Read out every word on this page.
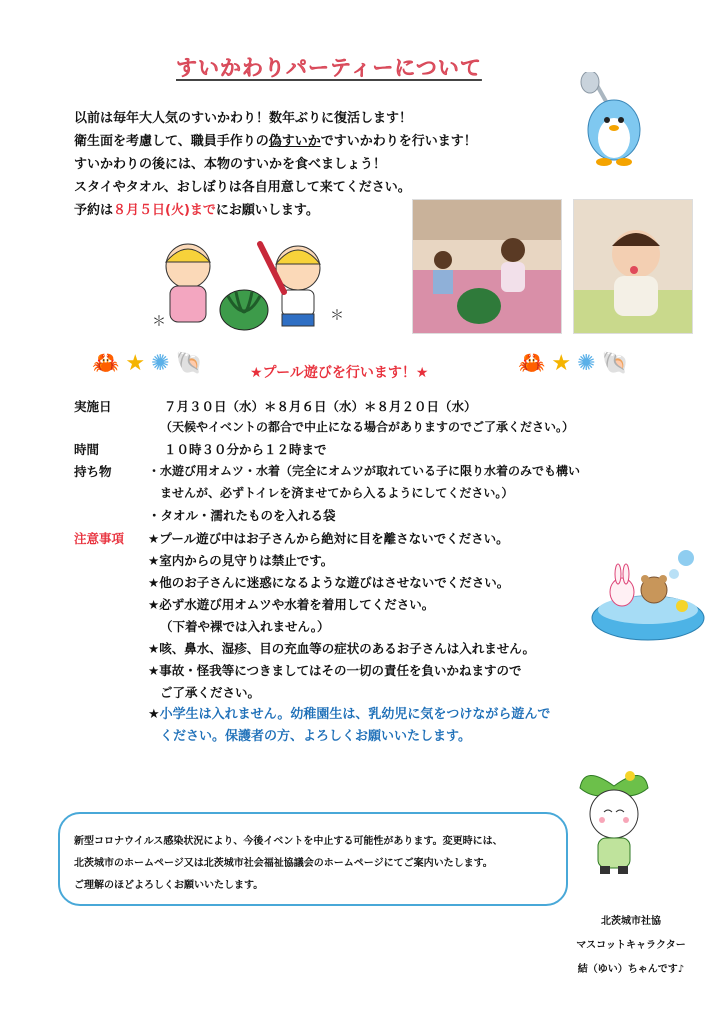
すいかわりパーティーについて
以前は毎年大人気のすいかわり！数年ぶりに復活します！
衛生面を考慮して、職員手作りの偽すいかですいかわりを行います！
すいかわりの後には、本物のすいかを食べましょう！
スタイやタオル、おしぼりは各自用意して来てください。
予約は８月５日(火)までにお願いします。
＊
＊
🦀 ★ ✺ 🐚	★プール遊びを行います！★	🦀 ★ ✺ 🐚
実施日	７月３０日（水）＊８月６日（水）＊８月２０日（水）
（天候やイベントの都合で中止になる場合がありますのでご了承ください。）
時間	１０時３０分から１２時まで
持ち物	・水遊び用オムツ・水着（完全にオムツが取れている子に限り水着のみでも構い
ませんが、必ずトイレを済ませてから入るようにしてください。）
・タオル・濡れたものを入れる袋
注意事項 ★プール遊び中はお子さんから絶対に目を離さないでください。
★室内からの見守りは禁止です。
★他のお子さんに迷惑になるような遊びはさせないでください。
★必ず水遊び用オムツや水着を着用してください。
（下着や裸では入れません。）
★咳、鼻水、湿疹、目の充血等の症状のあるお子さんは入れません。
★事故・怪我等につきましてはその一切の責任を負いかねますので
ご了承ください。
★小学生は入れません。幼稚園生は、乳幼児に気をつけながら遊んで
ください。保護者の方、よろしくお願いいたします。
新型コロナウイルス感染状況により、今後イベントを中止する可能性があります。変更時には、
北茨城市のホームページ又は北茨城市社会福祉協議会のホームページにてご案内いたします。
ご理解のほどよろしくお願いいたします。
北茨城市社協
マスコットキャラクター
結（ゆい）ちゃんです♪
